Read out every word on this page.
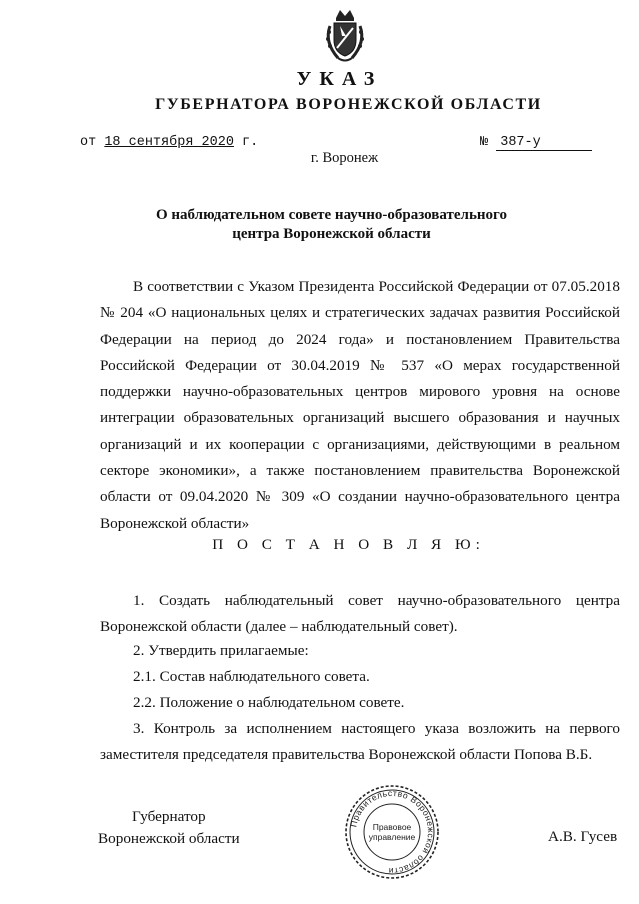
УКАЗ
ГУБЕРНАТОРА ВОРОНЕЖСКОЙ ОБЛАСТИ
от 18 сентября 2020 г.	№ 387-у
г. Воронеж
О наблюдательном совете научно-образовательного
центра Воронежской области
В соответствии с Указом Президента Российской Федерации от 07.05.2018 № 204 «О национальных целях и стратегических задачах развития Российской Федерации на период до 2024 года» и постановлением Правительства Российской Федерации от 30.04.2019 № 537 «О мерах государственной поддержки научно-образовательных центров мирового уровня на основе интеграции образовательных организаций высшего образования и научных организаций и их кооперации с организациями, действующими в реальном секторе экономики», а также постановлением правительства Воронежской области от 09.04.2020 № 309 «О создании научно-образовательного центра Воронежской области»
П О С Т А Н О В Л Я Ю:
1. Создать наблюдательный совет научно-образовательного центра Воронежской области (далее – наблюдательный совет).
2. Утвердить прилагаемые:
2.1. Состав наблюдательного совета.
2.2. Положение о наблюдательном совете.
3. Контроль за исполнением настоящего указа возложить на первого заместителя председателя правительства Воронежской области Попова В.Б.
Губернатор
Воронежской области
Правительство Воронежской области
Правовое
управление	А.В. Гусев
